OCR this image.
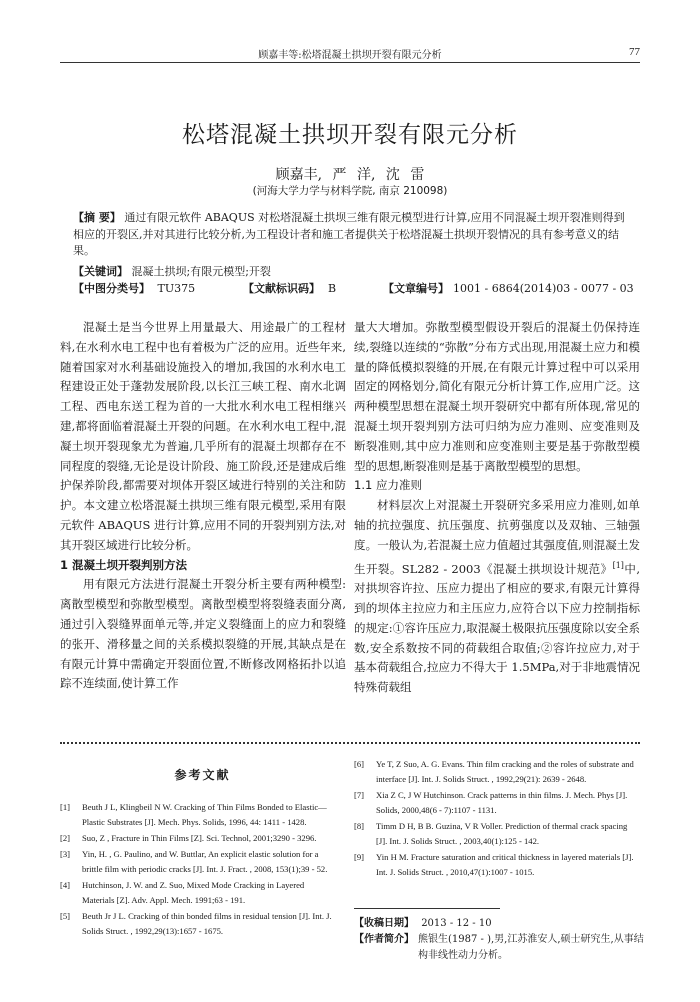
顾嘉丰等:松塔混凝土拱坝开裂有限元分析	77
松塔混凝土拱坝开裂有限元分析
顾嘉丰, 严 洋, 沈 雷
(河海大学力学与材料学院, 南京 210098)
【摘 要】 通过有限元软件 ABAQUS 对松塔混凝土拱坝三维有限元模型进行计算,应用不同混凝土坝开裂准则得到相应的开裂区,并对其进行比较分析,为工程设计者和施工者提供关于松塔混凝土拱坝开裂情况的具有参考意义的结果。
【关键词】 混凝土拱坝;有限元模型;开裂
【中图分类号】 TU375	【文献标识码】 B	【文章编号】 1001 - 6864(2014)03 - 0077 - 03

混凝土是当今世界上用量最大、用途最广的工程材料,在水利水电工程中也有着极为广泛的应用。近些年来,随着国家对水利基础设施投入的增加,我国的水利水电工程建设正处于蓬勃发展阶段,以长江三峡工程、南水北调工程、西电东送工程为首的一大批水利水电工程相继兴建,都将面临着混凝土开裂的问题。在水利水电工程中,混凝土坝开裂现象尤为普遍,几乎所有的混凝土坝都存在不同程度的裂缝,无论是设计阶段、施工阶段,还是建成后维护保养阶段,都需要对坝体开裂区域进行特别的关注和防护。本文建立松塔混凝土拱坝三维有限元模型,采用有限元软件 ABAQUS 进行计算,应用不同的开裂判别方法,对其开裂区域进行比较分析。

1 混凝土坝开裂判别方法

用有限元方法进行混凝土开裂分析主要有两种模型:离散型模型和弥散型模型。离散型模型将裂缝表面分离,通过引入裂缝界面单元等,并定义裂缝面上的应力和裂缝的张开、滑移量之间的关系模拟裂缝的开展,其缺点是在有限元计算中需确定开裂面位置,不断修改网格拓扑以追踪不连续面,使计算工作

量大大增加。弥散型模型假设开裂后的混凝土仍保持连续,裂缝以连续的“弥散”分布方式出现,用混凝土应力和模量的降低模拟裂缝的开展,在有限元计算过程中可以采用固定的网格划分,简化有限元分析计算工作,应用广泛。这两种模型思想在混凝土坝开裂研究中都有所体现,常见的混凝土坝开裂判别方法可归纳为应力准则、应变准则及断裂准则,其中应力准则和应变准则主要是基于弥散型模型的思想,断裂准则是基于离散型模型的思想。

1.1 应力准则

材料层次上对混凝土开裂研究多采用应力准则,如单轴的抗拉强度、抗压强度、抗剪强度以及双轴、三轴强度。一般认为,若混凝土应力值超过其强度值,则混凝土发生开裂。SL282 - 2003《混凝土拱坝设计规范》[1]中,对拱坝容许拉、压应力提出了相应的要求,有限元计算得到的坝体主拉应力和主压应力,应符合以下应力控制指标的规定:①容许压应力,取混凝土极限抗压强度除以安全系数,安全系数按不同的荷载组合取值;②容许拉应力,对于基本荷载组合,拉应力不得大于 1.5MPa,对于非地震情况特殊荷载组

参考文献
[1] Beuth J L, Klingbeil N W. Cracking of Thin Films Bonded to Elastic—Plastic Substrates [J]. Mech. Phys. Solids, 1996, 44: 1411 - 1428.
[2] Suo, Z , Fracture in Thin Films [Z]. Sci. Technol, 2001;3290 - 3296.
[3] Yin, H. , G. Paulino, and W. Buttlar, An explicit elastic solution for a brittle film with periodic cracks [J]. Int. J. Fract. , 2008, 153(1);39 - 52.
[4] Hutchinson, J. W. and Z. Suo, Mixed Mode Cracking in Layered Materials [Z]. Adv. Appl. Mech. 1991;63 - 191.
[5] Beuth Jr J L. Cracking of thin bonded films in residual tension [J]. Int. J. Solids Struct. , 1992,29(13):1657 - 1675.
[6] Ye T, Z Suo, A. G. Evans. Thin film cracking and the roles of substrate and interface [J]. Int. J. Solids Struct. , 1992,29(21): 2639 - 2648.
[7] Xia Z C, J W Hutchinson. Crack patterns in thin films. J. Mech. Phys [J]. Solids, 2000,48(6 - 7):1107 - 1131.
[8] Timm D H, B B. Guzina, V R Voller. Prediction of thermal crack spacing [J]. Int. J. Solids Struct. , 2003,40(1):125 - 142.
[9] Yin H M. Fracture saturation and critical thickness in layered materials [J]. Int. J. Solids Struct. , 2010,47(1):1007 - 1015.
【收稿日期】 2013 - 12 - 10
【作者简介】 熊银生(1987 - ),男,江苏淮安人,硕士研究生,从事结构非线性动力分析。
